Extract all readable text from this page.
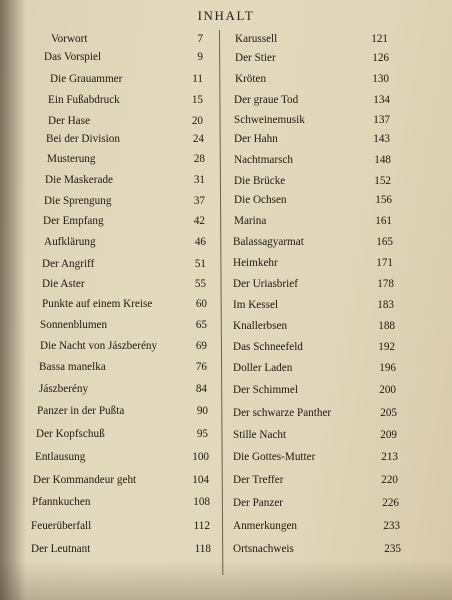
INHALT
Vorwort	7
Das Vorspiel	9
Die Grauammer	11
Ein Fußabdruck	15
Der Hase	20
Bei der Division	24
Musterung	28
Die Maskerade	31
Die Sprengung	37
Der Empfang	42
Aufklärung	46
Der Angriff	51
Die Aster	55
Punkte auf einem Kreise	60
Sonnenblumen	65
Die Nacht von Jászberény	69
Bassa manelka	76
Jászberény	84
Panzer in der Pußta	90
Der Kopfschuß	95
Entlausung	100
Der Kommandeur geht	104
Pfannkuchen	108
Feuerüberfall	112
Der Leutnant	118
Karussell	121
Der Stier	126
Kröten	130
Der graue Tod	134
Schweinemusik	137
Der Hahn	143
Nachtmarsch	148
Die Brücke	152
Die Ochsen	156
Marina	161
Balassagyarmat	165
Heimkehr	171
Der Uriasbrief	178
Im Kessel	183
Knallerbsen	188
Das Schneefeld	192
Doller Laden	196
Der Schimmel	200
Der schwarze Panther	205
Stille Nacht	209
Die Gottes-Mutter	213
Der Treffer	220
Der Panzer	226
Anmerkungen	233
Ortsnachweis	235
